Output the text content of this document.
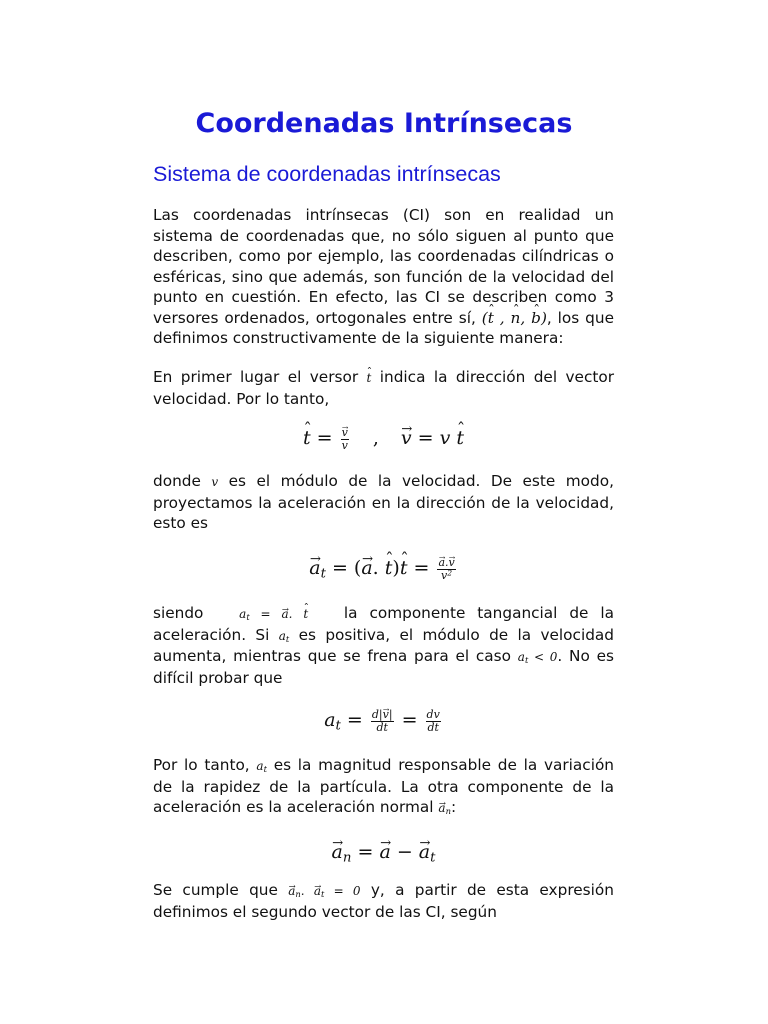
Coordenadas Intrínsecas
Sistema de coordenadas intrínsecas

Las coordenadas intrínsecas (CI) son en realidad un sistema de coordenadas que, no sólo siguen al punto que describen, como por ejemplo, las coordenadas cilíndricas o esféricas, sino que además, son función de la velocidad del punto en cuestión. En efecto, las CI se describen como 3 versores ordenados, ortogonales entre sí, (ˆ t , ˆ n, ˆ b), los que definimos constructivamente de la siguiente manera:

En primer lugar el versor ˆ t indica la dirección del vector velocidad. Por lo tanto,

ˆ t = → $\frac{v}{v}$ , → v = v ˆ t

donde v es el módulo de la velocidad. De este modo, proyectamos la aceleración en la dirección de la velocidad, esto es

→ $a_t$ = (→ a. ˆ t)ˆ t = → $\frac{a.\to v}{v^2}$

siendo	$a_t$ = → a. ˆ t la componente tangancial de la aceleración. Si $a_t$ es positiva, el módulo de la velocidad aumenta, mientras que se frena para el caso $a_t < 0$. No es difícil probar que

$a_t = \frac{d|\to v|}{dt} = \frac{dv}{dt}$

Por lo tanto, $a_t$ es la magnitud responsable de la variación de la rapidez de la partícula. La otra componente de la aceleración es la aceleración normal → $a_n$:

→ $a_n$ = → a − → $a_t$

Se cumple que → $a_n$. → $a_t = 0$ y, a partir de esta expresión definimos el segundo vector de las CI, según
